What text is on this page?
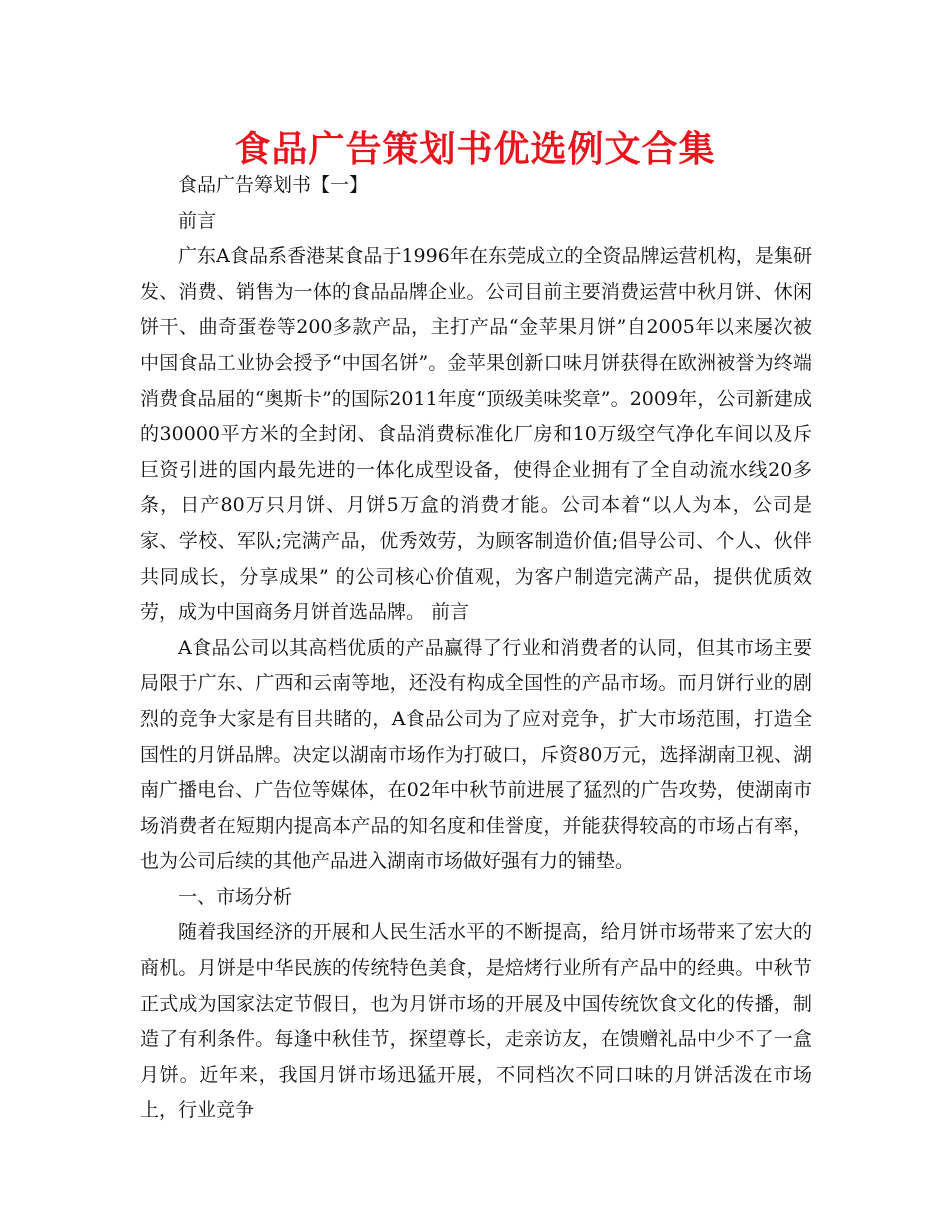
食品广告策划书优选例文合集

食品广告筹划书【一】

前言

广东A食品系香港某食品于1996年在东莞成立的全资品牌运营机构，是集研发、消费、销售为一体的食品品牌企业。公司目前主要消费运营中秋月饼、休闲饼干、曲奇蛋卷等200多款产品，主打产品“金苹果月饼”自2005年以来屡次被中国食品工业协会授予“中国名饼”。金苹果创新口味月饼获得在欧洲被誉为终端消费食品届的“奥斯卡”的国际2011年度“顶级美味奖章”。2009年，公司新建成的30000平方米的全封闭、食品消费标准化厂房和10万级空气净化车间以及斥巨资引进的国内最先进的一体化成型设备，使得企业拥有了全自动流水线20多条，日产80万只月饼、月饼5万盒的消费才能。公司本着“以人为本，公司是家、学校、军队;完满产品，优秀效劳，为顾客制造价值;倡导公司、个人、伙伴共同成长，分享成果” 的公司核心价值观，为客户制造完满产品，提供优质效劳，成为中国商务月饼首选品牌。 前言

A食品公司以其高档优质的产品赢得了行业和消费者的认同，但其市场主要局限于广东、广西和云南等地，还没有构成全国性的产品市场。而月饼行业的剧烈的竞争大家是有目共睹的，A食品公司为了应对竞争，扩大市场范围，打造全国性的月饼品牌。决定以湖南市场作为打破口，斥资80万元，选择湖南卫视、湖南广播电台、广告位等媒体，在02年中秋节前进展了猛烈的广告攻势，使湖南市场消费者在短期内提高本产品的知名度和佳誉度，并能获得较高的市场占有率，也为公司后续的其他产品进入湖南市场做好强有力的铺垫。

一、市场分析

随着我国经济的开展和人民生活水平的不断提高，给月饼市场带来了宏大的商机。月饼是中华民族的传统特色美食，是焙烤行业所有产品中的经典。中秋节正式成为国家法定节假日，也为月饼市场的开展及中国传统饮食文化的传播，制造了有利条件。每逢中秋佳节，探望尊长，走亲访友，在馈赠礼品中少不了一盒月饼。近年来，我国月饼市场迅猛开展，不同档次不同口味的月饼活泼在市场上，行业竞争
